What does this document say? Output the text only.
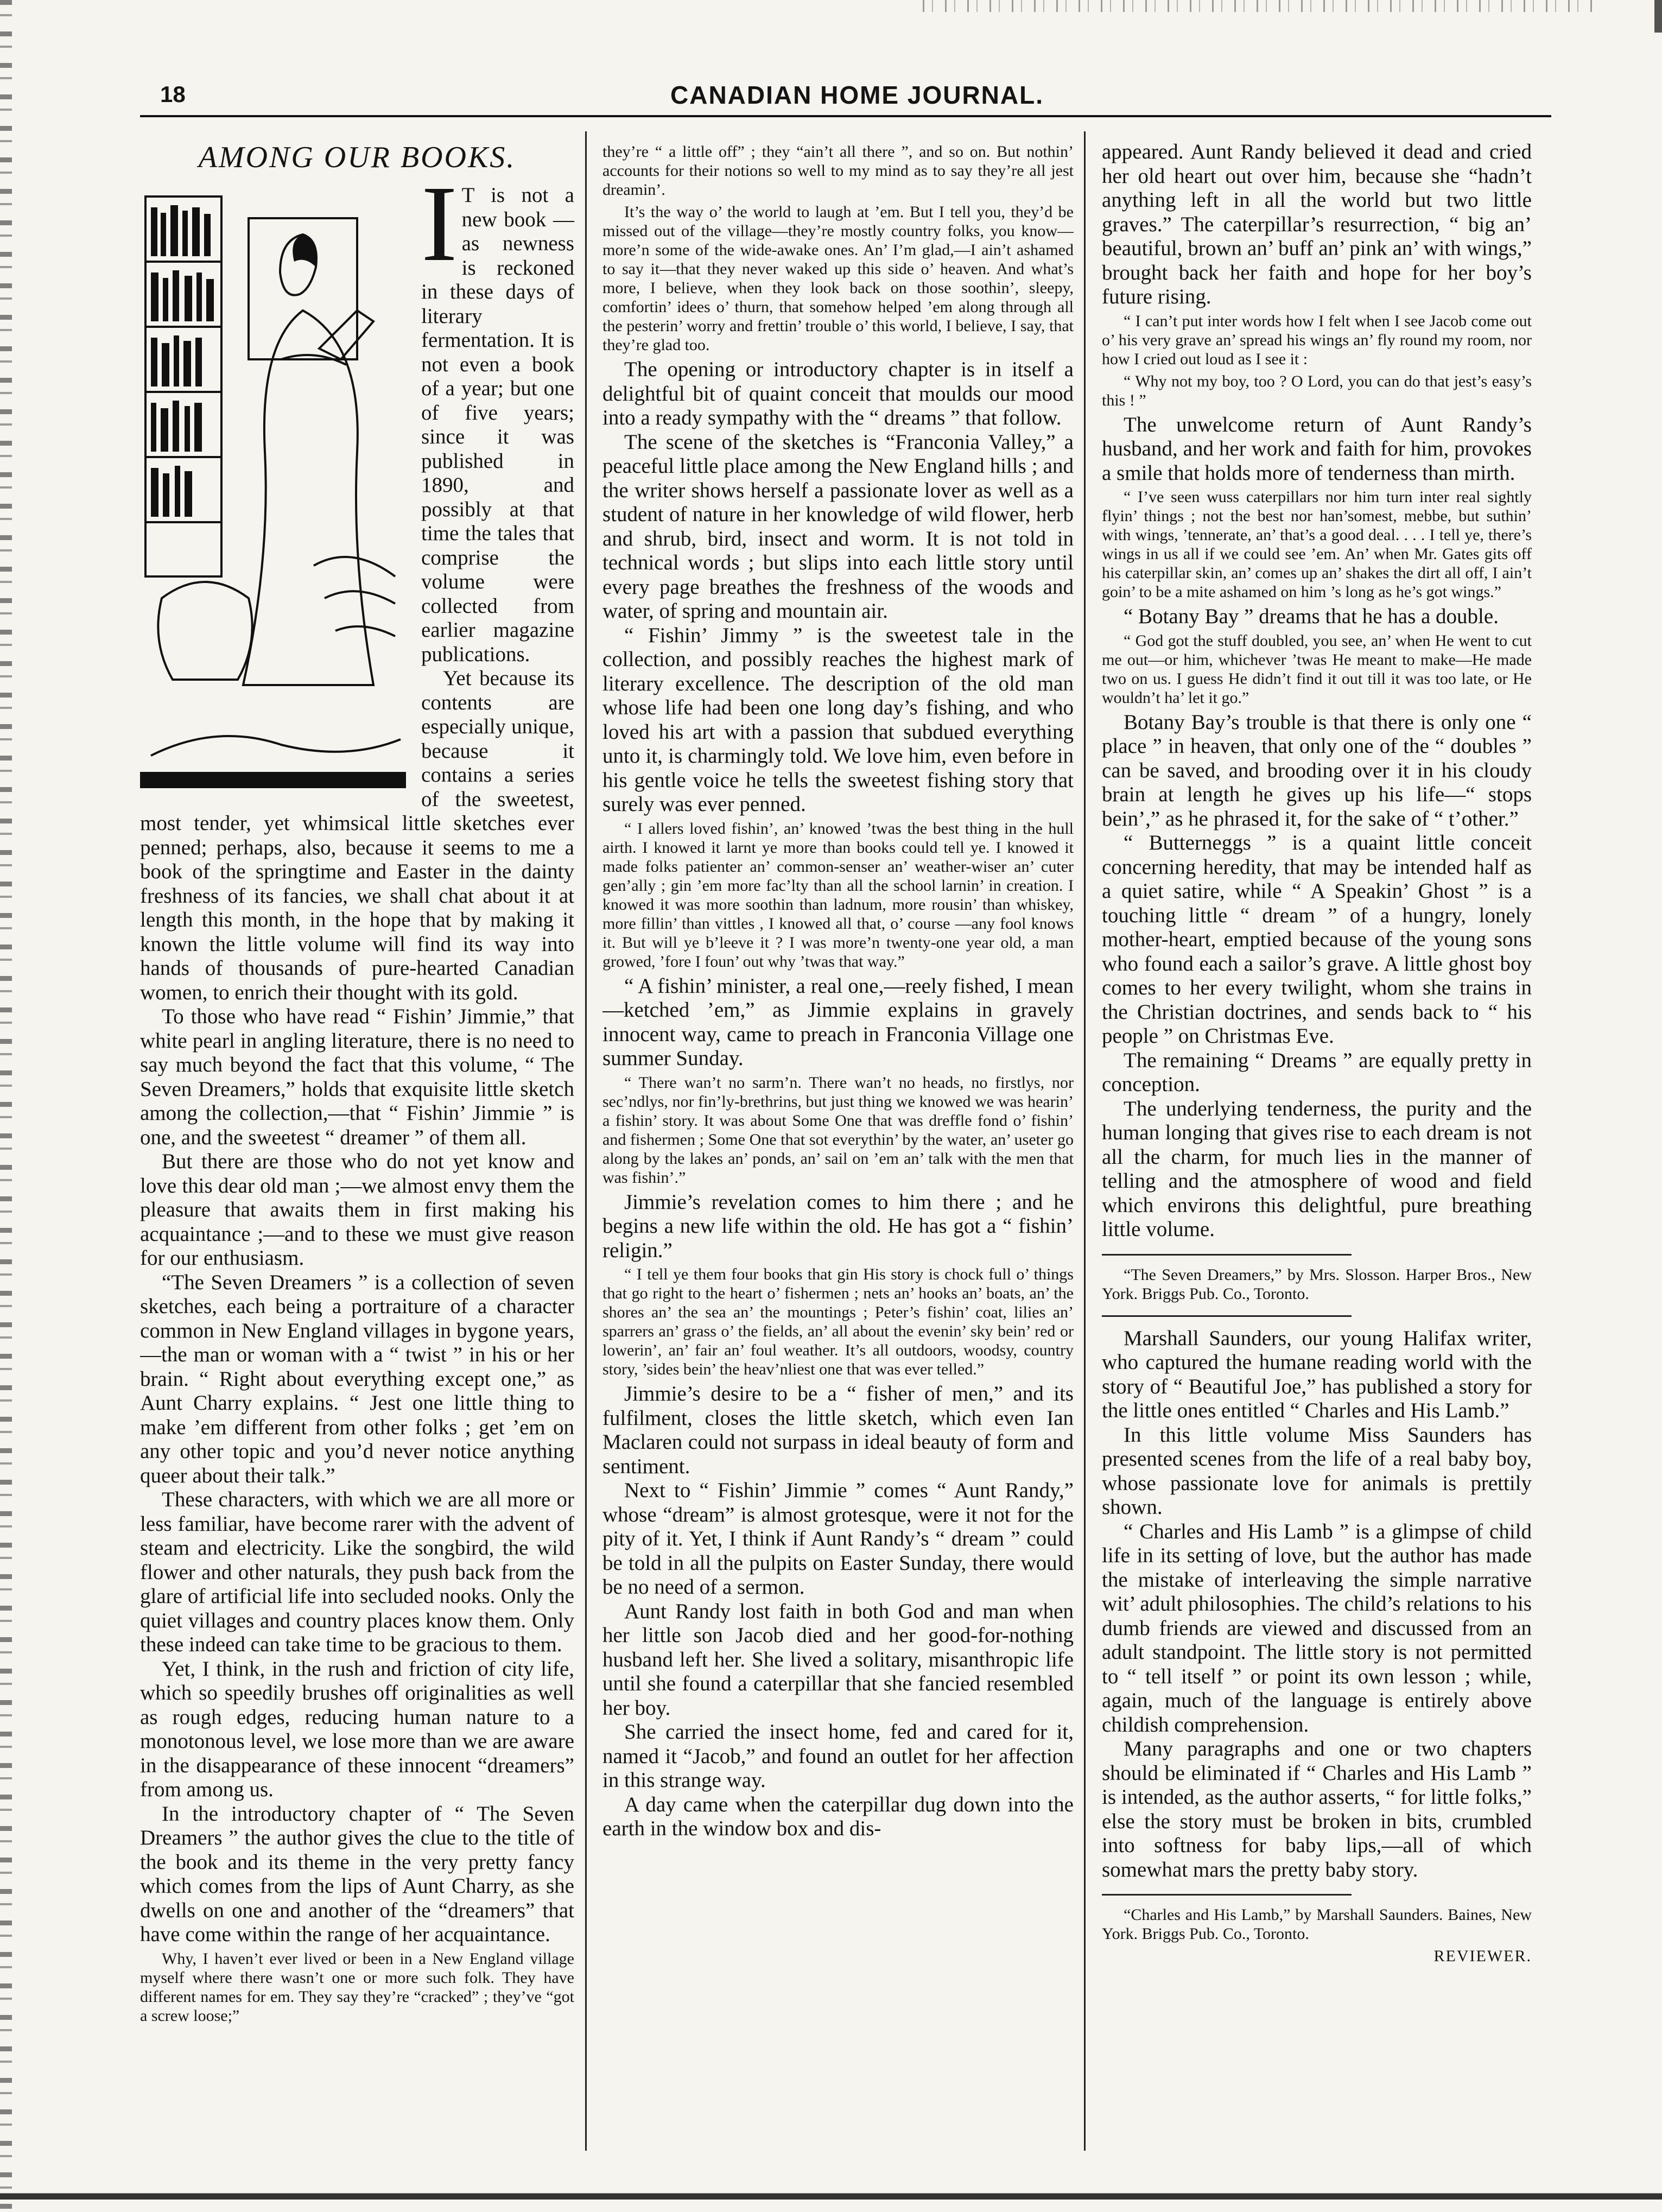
18	CANADIAN HOME JOURNAL.
AMONG OUR BOOKS.
I T is not a new book —as newness is reckoned in these days of literary fermentation. It is not even a book of a year; but one of five years; since it was published in 1890, and possibly at that time the tales that comprise the volume were collected from earlier magazine publications.

Yet because its contents are especially unique, because it contains a series of the sweetest, most tender, yet whimsical little sketches ever penned; perhaps, also, because it seems to me a book of the springtime and Easter in the dainty freshness of its fancies, we shall chat about it at length this month, in the hope that by making it known the little volume will find its way into hands of thousands of pure-hearted Canadian women, to enrich their thought with its gold.

To those who have read “ Fishin’ Jimmie,” that white pearl in angling literature, there is no need to say much beyond the fact that this volume, “ The Seven Dreamers,” holds that exquisite little sketch among the collection,—that “ Fishin’ Jimmie ” is one, and the sweetest “ dreamer ” of them all.

But there are those who do not yet know and love this dear old man ;—we almost envy them the pleasure that awaits them in first making his acquaintance ;—and to these we must give reason for our enthusiasm.

“The Seven Dreamers ” is a collection of seven sketches, each being a portraiture of a character common in New England villages in bygone years,—the man or woman with a “ twist ” in his or her brain. “ Right about everything except one,” as Aunt Charry explains. “ Jest one little thing to make ’em different from other folks ; get ’em on any other topic and you’d never notice anything queer about their talk.”

These characters, with which we are all more or less familiar, have become rarer with the advent of steam and electricity. Like the songbird, the wild flower and other naturals, they push back from the glare of artificial life into secluded nooks. Only the quiet villages and country places know them. Only these indeed can take time to be gracious to them.

Yet, I think, in the rush and friction of city life, which so speedily brushes off originalities as well as rough edges, reducing human nature to a monotonous level, we lose more than we are aware in the disappearance of these innocent “dreamers” from among us.

In the introductory chapter of “ The Seven Dreamers ” the author gives the clue to the title of the book and its theme in the very pretty fancy which comes from the lips of Aunt Charry, as she dwells on one and another of the “dreamers” that have come within the range of her acquaintance.

Why, I haven’t ever lived or been in a New England village myself where there wasn’t one or more such folk. They have different names for em. They say they’re “cracked” ; they’ve “got a screw loose;”

they’re “ a little off” ; they “ain’t all there ”, and so on. But nothin’ accounts for their notions so well to my mind as to say they’re all jest dreamin’.

It’s the way o’ the world to laugh at ’em. But I tell you, they’d be missed out of the village—they’re mostly country folks, you know—more’n some of the wide-awake ones. An’ I’m glad,—I ain’t ashamed to say it—that they never waked up this side o’ heaven. And what’s more, I believe, when they look back on those soothin’, sleepy, comfortin’ idees o’ thurn, that somehow helped ’em along through all the pesterin’ worry and frettin’ trouble o’ this world, I believe, I say, that they’re glad too.

The opening or introductory chapter is in itself a delightful bit of quaint conceit that moulds our mood into a ready sympathy with the “ dreams ” that follow.

The scene of the sketches is “Franconia Valley,” a peaceful little place among the New England hills ; and the writer shows herself a passionate lover as well as a student of nature in her knowledge of wild flower, herb and shrub, bird, insect and worm. It is not told in technical words ; but slips into each little story until every page breathes the freshness of the woods and water, of spring and mountain air.

“ Fishin’ Jimmy ” is the sweetest tale in the collection, and possibly reaches the highest mark of literary excellence. The description of the old man whose life had been one long day’s fishing, and who loved his art with a passion that subdued everything unto it, is charmingly told. We love him, even before in his gentle voice he tells the sweetest fishing story that surely was ever penned.

“ I allers loved fishin’, an’ knowed ’twas the best thing in the hull airth. I knowed it larnt ye more than books could tell ye. I knowed it made folks patienter an’ common-senser an’ weather-wiser an’ cuter gen’ally ; gin ’em more fac’lty than all the school larnin’ in creation. I knowed it was more soothin than ladnum, more rousin’ than whiskey, more fillin’ than vittles , I knowed all that, o’ course —any fool knows it. But will ye b’leeve it ? I was more’n twenty-one year old, a man growed, ’fore I foun’ out why ’twas that way.”

“ A fishin’ minister, a real one,—reely fished, I mean—ketched ’em,” as Jimmie explains in gravely innocent way, came to preach in Franconia Village one summer Sunday.

“ There wan’t no sarm’n. There wan’t no heads, no firstlys, nor sec’ndlys, nor fin’ly-brethrins, but just thing we knowed we was hearin’ a fishin’ story. It was about Some One that was dreffle fond o’ fishin’ and fishermen ; Some One that sot everythin’ by the water, an’ useter go along by the lakes an’ ponds, an’ sail on ’em an’ talk with the men that was fishin’.”

Jimmie’s revelation comes to him there ; and he begins a new life within the old. He has got a “ fishin’ religin.”

“ I tell ye them four books that gin His story is chock full o’ things that go right to the heart o’ fishermen ; nets an’ hooks an’ boats, an’ the shores an’ the sea an’ the mountings ; Peter’s fishin’ coat, lilies an’ sparrers an’ grass o’ the fields, an’ all about the evenin’ sky bein’ red or lowerin’, an’ fair an’ foul weather. It’s all outdoors, woodsy, country story, ’sides bein’ the heav’nliest one that was ever telled.”

Jimmie’s desire to be a “ fisher of men,” and its fulfilment, closes the little sketch, which even Ian Maclaren could not surpass in ideal beauty of form and sentiment.

Next to “ Fishin’ Jimmie ” comes “ Aunt Randy,” whose “dream” is almost grotesque, were it not for the pity of it. Yet, I think if Aunt Randy’s “ dream ” could be told in all the pulpits on Easter Sunday, there would be no need of a sermon.

Aunt Randy lost faith in both God and man when her little son Jacob died and her good-for-nothing husband left her. She lived a solitary, misanthropic life until she found a caterpillar that she fancied resembled her boy.

She carried the insect home, fed and cared for it, named it “Jacob,” and found an outlet for her affection in this strange way.

A day came when the caterpillar dug down into the earth in the window box and dis-

appeared. Aunt Randy believed it dead and cried her old heart out over him, because she “hadn’t anything left in all the world but two little graves.” The caterpillar’s resurrection, “ big an’ beautiful, brown an’ buff an’ pink an’ with wings,” brought back her faith and hope for her boy’s future rising.

“ I can’t put inter words how I felt when I see Jacob come out o’ his very grave an’ spread his wings an’ fly round my room, nor how I cried out loud as I see it :

“ Why not my boy, too ? O Lord, you can do that jest’s easy’s this ! ”

The unwelcome return of Aunt Randy’s husband, and her work and faith for him, provokes a smile that holds more of tenderness than mirth.

“ I’ve seen wuss caterpillars nor him turn inter real sightly flyin’ things ; not the best nor han’somest, mebbe, but suthin’ with wings, ’tennerate, an’ that’s a good deal. . . . I tell ye, there’s wings in us all if we could see ’em. An’ when Mr. Gates gits off his caterpillar skin, an’ comes up an’ shakes the dirt all off, I ain’t goin’ to be a mite ashamed on him ’s long as he’s got wings.”

“ Botany Bay ” dreams that he has a double.

“ God got the stuff doubled, you see, an’ when He went to cut me out—or him, whichever ’twas He meant to make—He made two on us. I guess He didn’t find it out till it was too late, or He wouldn’t ha’ let it go.”

Botany Bay’s trouble is that there is only one “ place ” in heaven, that only one of the “ doubles ” can be saved, and brooding over it in his cloudy brain at length he gives up his life—“ stops bein’,” as he phrased it, for the sake of “ t’other.”

“ Butterneggs ” is a quaint little conceit concerning heredity, that may be intended half as a quiet satire, while “ A Speakin’ Ghost ” is a touching little “ dream ” of a hungry, lonely mother-heart, emptied because of the young sons who found each a sailor’s grave. A little ghost boy comes to her every twilight, whom she trains in the Christian doctrines, and sends back to “ his people ” on Christmas Eve.

The remaining “ Dreams ” are equally pretty in conception.

The underlying tenderness, the purity and the human longing that gives rise to each dream is not all the charm, for much lies in the manner of telling and the atmosphere of wood and field which environs this delightful, pure breathing little volume.

“The Seven Dreamers,” by Mrs. Slosson. Harper Bros., New York. Briggs Pub. Co., Toronto.

Marshall Saunders, our young Halifax writer, who captured the humane reading world with the story of “ Beautiful Joe,” has published a story for the little ones entitled “ Charles and His Lamb.”

In this little volume Miss Saunders has presented scenes from the life of a real baby boy, whose passionate love for animals is prettily shown.

“ Charles and His Lamb ” is a glimpse of child life in its setting of love, but the author has made the mistake of interleaving the simple narrative wit’ adult philosophies. The child’s relations to his dumb friends are viewed and discussed from an adult standpoint. The little story is not permitted to “ tell itself ” or point its own lesson ; while, again, much of the language is entirely above childish comprehension.

Many paragraphs and one or two chapters should be eliminated if “ Charles and His Lamb ” is intended, as the author asserts, “ for little folks,” else the story must be broken in bits, crumbled into softness for baby lips,—all of which somewhat mars the pretty baby story.

“Charles and His Lamb,” by Marshall Saunders. Baines, New York. Briggs Pub. Co., Toronto.

REVIEWER.
